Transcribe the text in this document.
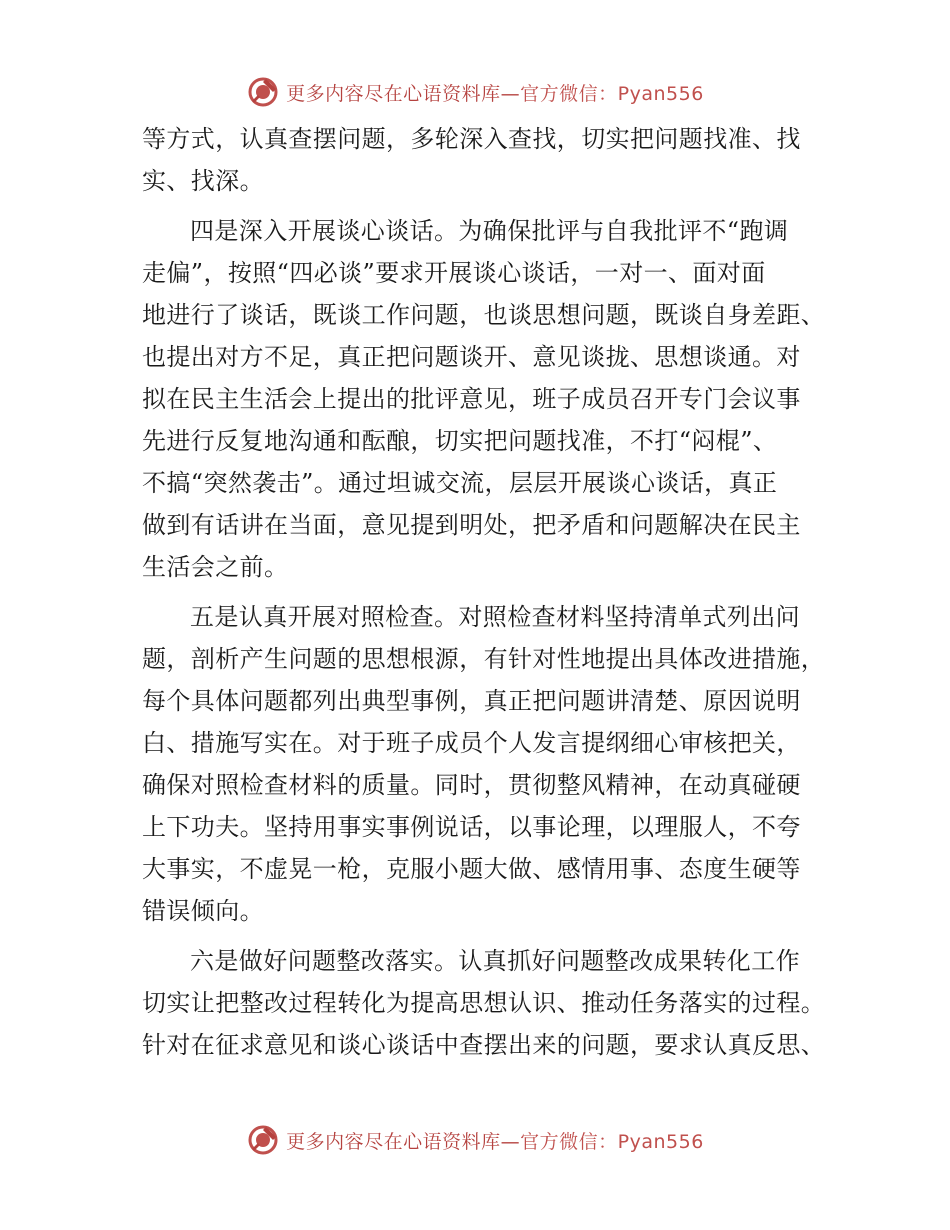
更多内容尽在心语资料库—官方微信：Pyan556

等方式，认真查摆问题，多轮深入查找，切实把问题找准、找
实、找深。

四是深入开展谈心谈话。为确保批评与自我批评不“跑调
走偏”，按照“四必谈”要求开展谈心谈话，一对一、面对面
地进行了谈话，既谈工作问题，也谈思想问题，既谈自身差距、
也提出对方不足，真正把问题谈开、意见谈拢、思想谈通。对
拟在民主生活会上提出的批评意见，班子成员召开专门会议事
先进行反复地沟通和酝酿，切实把问题找准，不打“闷棍”、
不搞“突然袭击”。通过坦诚交流，层层开展谈心谈话，真正
做到有话讲在当面，意见提到明处，把矛盾和问题解决在民主
生活会之前。

五是认真开展对照检查。对照检查材料坚持清单式列出问
题，剖析产生问题的思想根源，有针对性地提出具体改进措施，
每个具体问题都列出典型事例，真正把问题讲清楚、原因说明
白、措施写实在。对于班子成员个人发言提纲细心审核把关，
确保对照检查材料的质量。同时，贯彻整风精神，在动真碰硬
上下功夫。坚持用事实事例说话，以事论理，以理服人，不夸
大事实，不虚晃一枪，克服小题大做、感情用事、态度生硬等
错误倾向。

六是做好问题整改落实。认真抓好问题整改成果转化工作
切实让把整改过程转化为提高思想认识、推动任务落实的过程。
针对在征求意见和谈心谈话中查摆出来的问题，要求认真反思、

更多内容尽在心语资料库—官方微信：Pyan556
